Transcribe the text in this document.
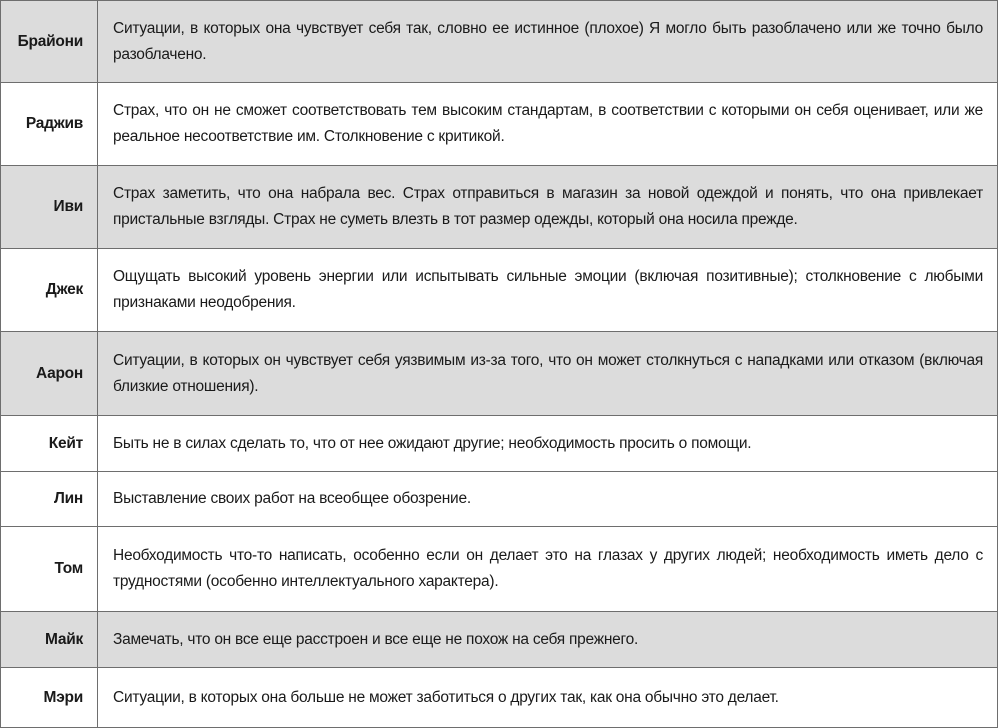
Брайони	Ситуации, в которых она чувствует себя так, словно ее истинное (плохое) Я могло быть разоблачено или же точно было разоблачено.
Раджив	Страх, что он не сможет соответствовать тем высоким стандартам, в соответствии с которыми он себя оценивает, или же реальное несоответствие им. Столкновение с критикой.
Иви	Страх заметить, что она набрала вес. Страх отправиться в магазин за новой одеждой и понять, что она привлекает пристальные взгляды. Страх не суметь влезть в тот размер одежды, который она носила прежде.
Джек	Ощущать высокий уровень энергии или испытывать сильные эмоции (включая позитивные); столкновение с любыми признаками неодобрения.
Аарон	Ситуации, в которых он чувствует себя уязвимым из-за того, что он может столкнуться с нападками или отказом (включая близкие отношения).
Кейт	Быть не в силах сделать то, что от нее ожидают другие; необходимость просить о помощи.
Лин	Выставление своих работ на всеобщее обозрение.
Том	Необходимость что-то написать, особенно если он делает это на глазах у других людей; необходимость иметь дело с трудностями (особенно интеллектуального характера).
Майк	Замечать, что он все еще расстроен и все еще не похож на себя прежнего.
Мэри	Ситуации, в которых она больше не может заботиться о других так, как она обычно это делает.
